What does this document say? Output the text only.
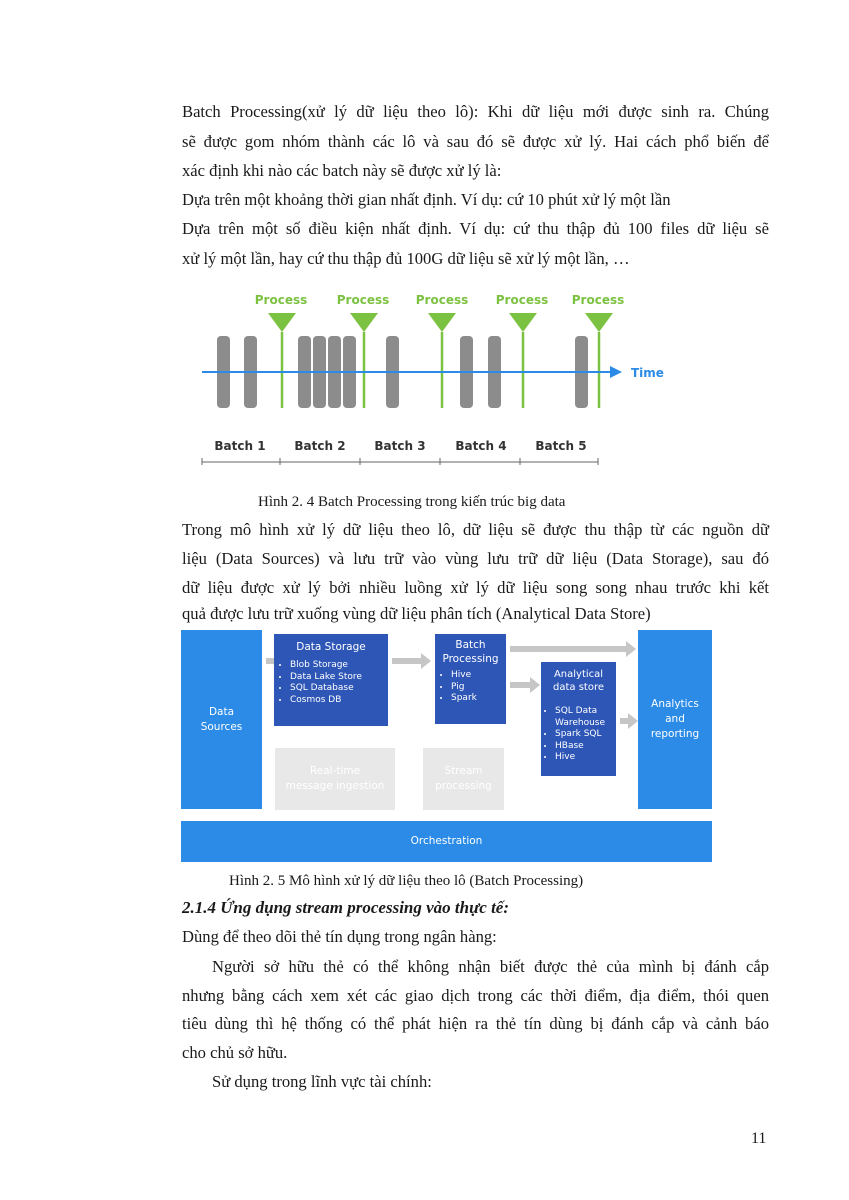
Batch Processing(xử lý dữ liệu theo lô): Khi dữ liệu mới được sinh ra. Chúng
sẽ được gom nhóm thành các lô và sau đó sẽ được xử lý. Hai cách phổ biến để
xác định khi nào các batch này sẽ được xử lý là:
Dựa trên một khoảng thời gian nhất định. Ví dụ: cứ 10 phút xử lý một lần
Dựa trên một số điều kiện nhất định. Ví dụ: cứ thu thập đủ 100 files dữ liệu sẽ
xử lý một lần, hay cứ thu thập đủ 100G dữ liệu sẽ xử lý một lần, …
Process Process Process Process Process
Time
Batch 1 Batch 2 Batch 3 Batch 4 Batch 5
Hình 2. 4 Batch Processing trong kiến trúc big data
Trong mô hình xử lý dữ liệu theo lô, dữ liệu sẽ được thu thập từ các nguồn dữ
liệu (Data Sources) và lưu trữ vào vùng lưu trữ dữ liệu (Data Storage), sau đó
dữ liệu được xử lý bởi nhiều luồng xử lý dữ liệu song song nhau trước khi kết
quả được lưu trữ xuống vùng dữ liệu phân tích (Analytical Data Store)
Data Sources
Data Storage
• Blob Storage
• Data Lake Store
• SQL Database
• Cosmos DB
Batch Processing
• Hive
• Pig
• Spark
Analytical data store
• SQL Data Warehouse
• Spark SQL
• HBase
• Hive
Analytics and reporting
Real-time message ingestion
Stream processing
Orchestration
Hình 2. 5 Mô hình xử lý dữ liệu theo lô (Batch Processing)
2.1.4 Ứng dụng stream processing vào thực tế:
Dùng để theo dõi thẻ tín dụng trong ngân hàng:
Người sở hữu thẻ có thể không nhận biết được thẻ của mình bị đánh cắp
nhưng bằng cách xem xét các giao dịch trong các thời điểm, địa điểm, thói quen
tiêu dùng thì hệ thống có thể phát hiện ra thẻ tín dùng bị đánh cắp và cảnh báo
cho chủ sở hữu.
Sử dụng trong lĩnh vực tài chính:
11
